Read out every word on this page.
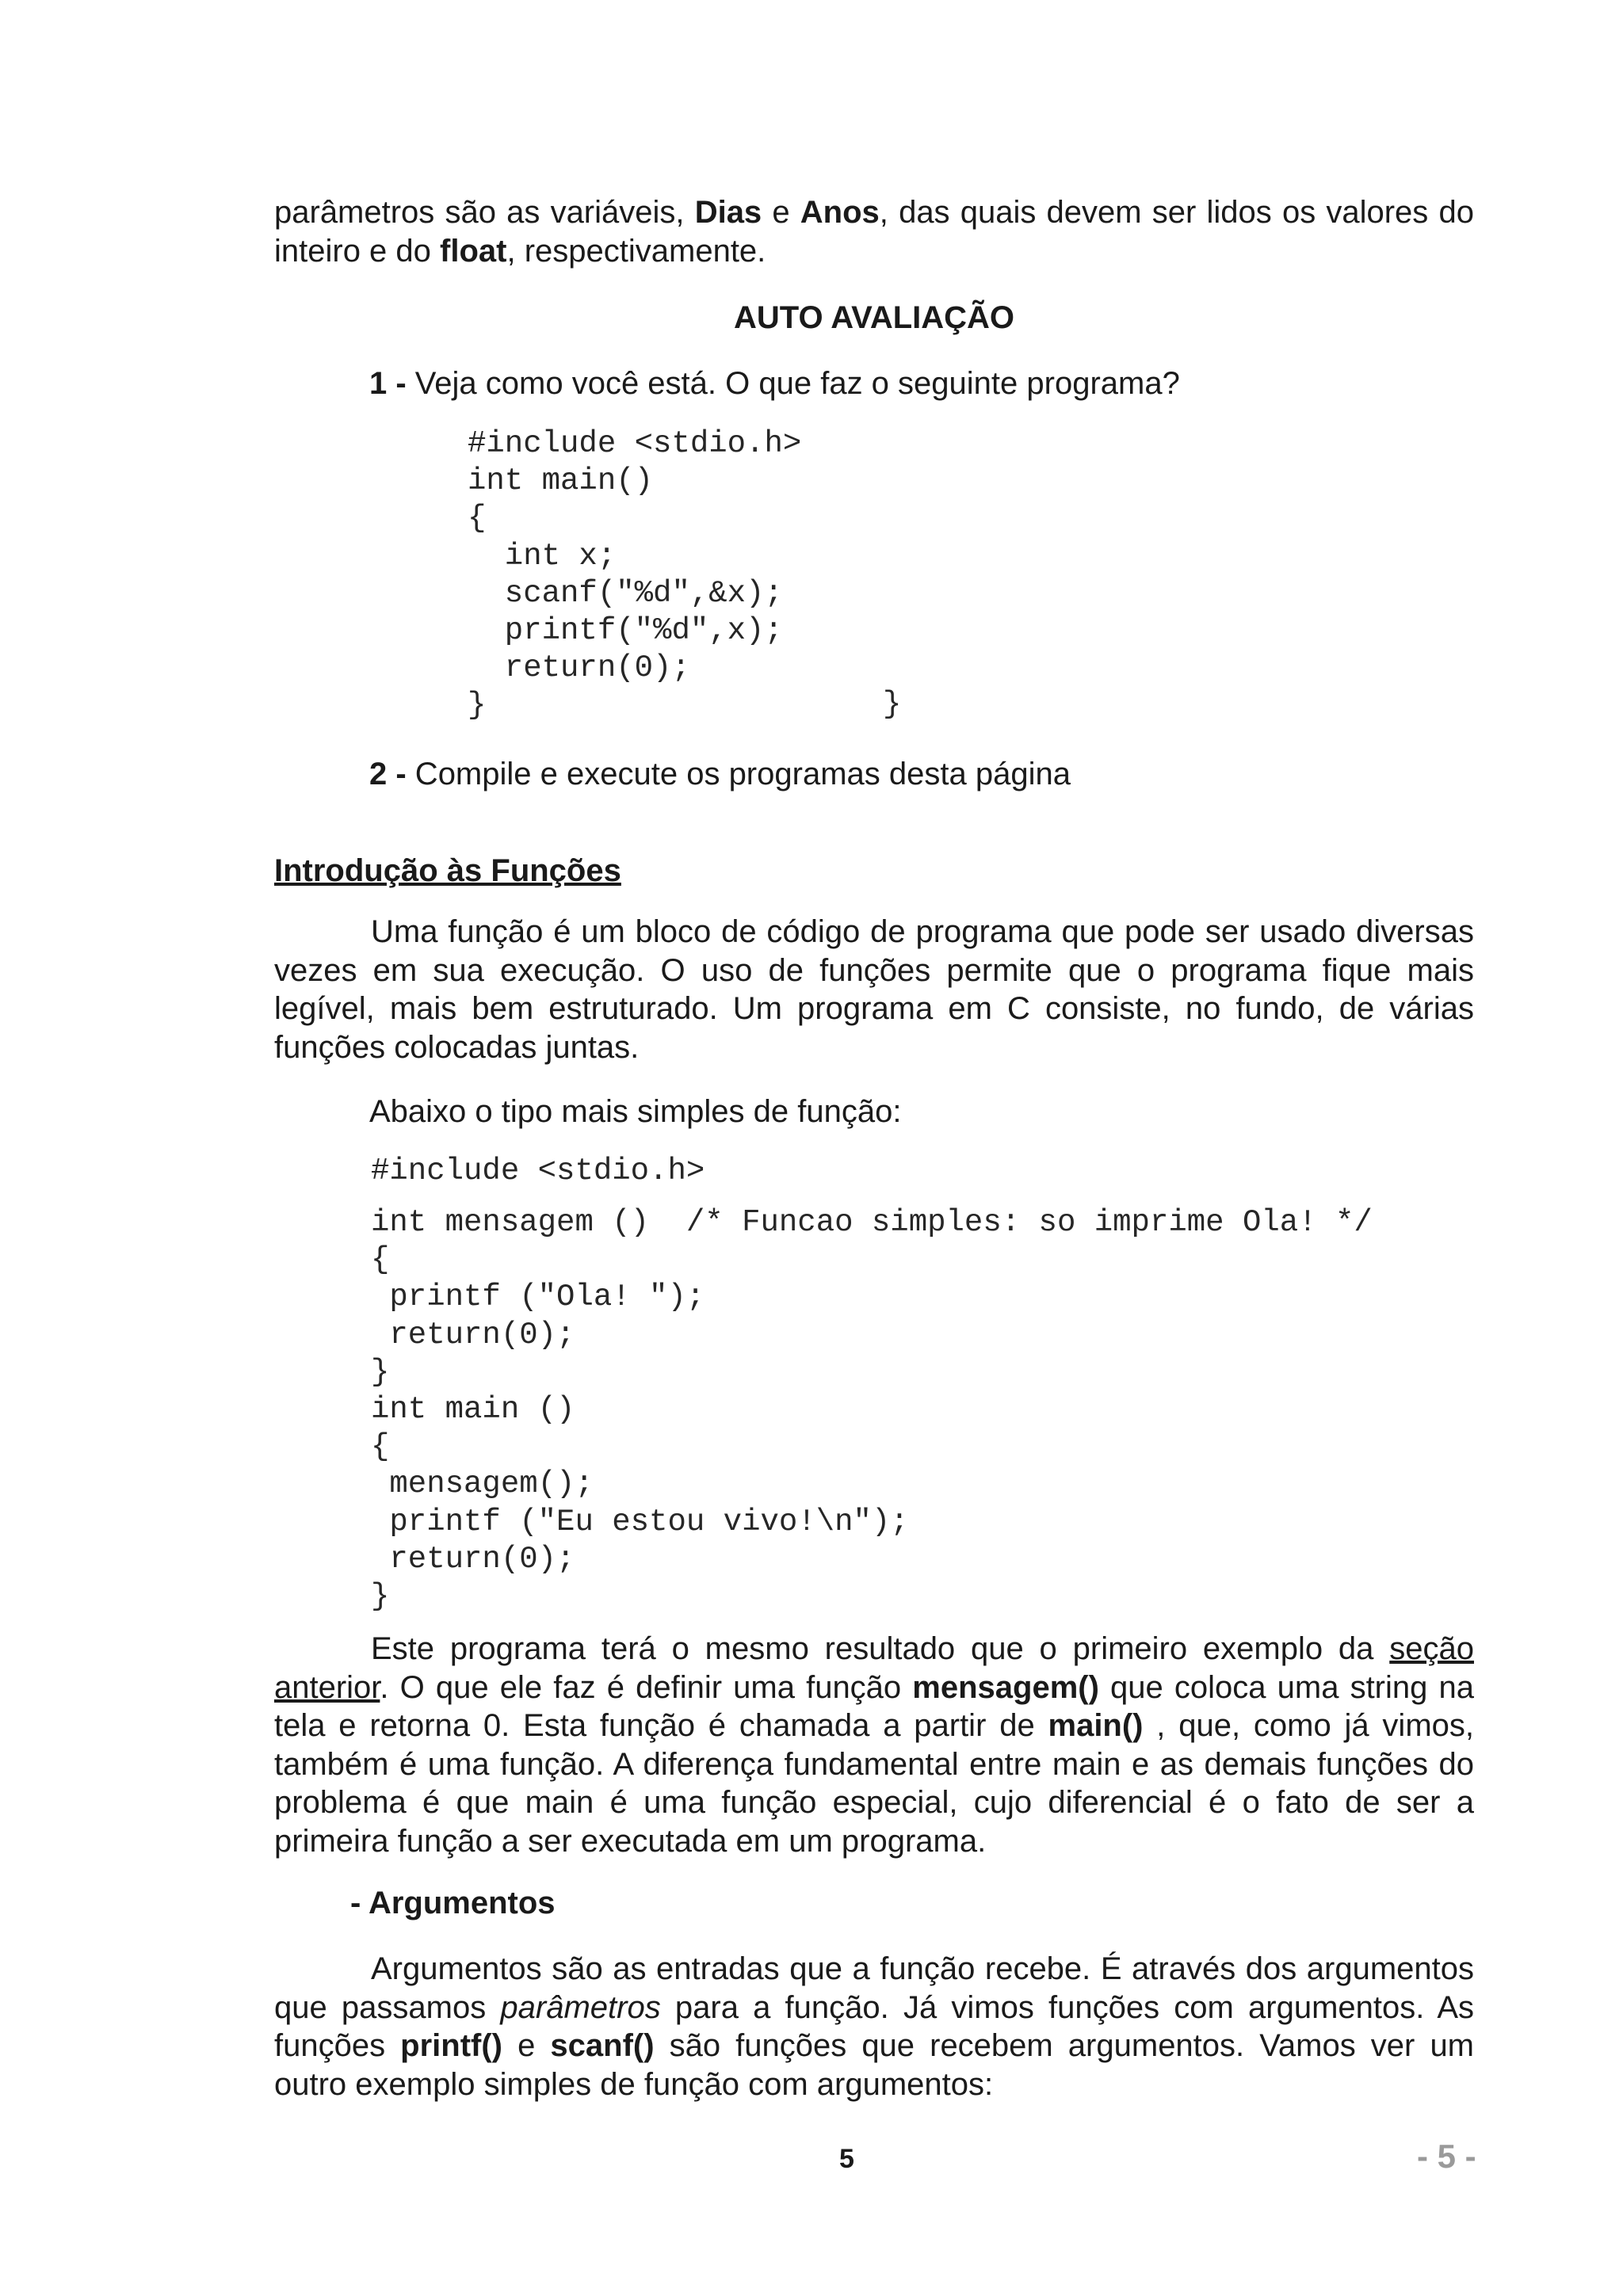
parâmetros são as variáveis, Dias e Anos, das quais devem ser lidos os valores do inteiro e do float, respectivamente.

AUTO AVALIAÇÃO
1 - Veja como você está. O que faz o seguinte programa?
#include <stdio.h>
int main()
{
int x;
scanf("%d",&x);
printf("%d",x);
return(0);
}	}
2 - Compile e execute os programas desta página
Introdução às Funções

Uma função é um bloco de código de programa que pode ser usado diversas vezes em sua execução. O uso de funções permite que o programa fique mais legível, mais bem estruturado. Um programa em C consiste, no fundo, de várias funções colocadas juntas.

Abaixo o tipo mais simples de função:
#include <stdio.h>
int mensagem ()  /* Funcao simples: so imprime Ola! */
{
printf ("Ola! ");
return(0);
}
int main ()
{
mensagem();
printf ("Eu estou vivo!\n");
return(0);
}

Este programa terá o mesmo resultado que o primeiro exemplo da seção anterior. O que ele faz é definir uma função mensagem() que coloca uma string na tela e retorna 0. Esta função é chamada a partir de main() , que, como já vimos, também é uma função. A diferença fundamental entre main e as demais funções do problema é que main é uma função especial, cujo diferencial é o fato de ser a primeira função a ser executada em um programa.

- Argumentos

Argumentos são as entradas que a função recebe. É através dos argumentos que passamos parâmetros para a função. Já vimos funções com argumentos. As funções printf() e scanf() são funções que recebem argumentos. Vamos ver um outro exemplo simples de função com argumentos:

5	- 5 -
